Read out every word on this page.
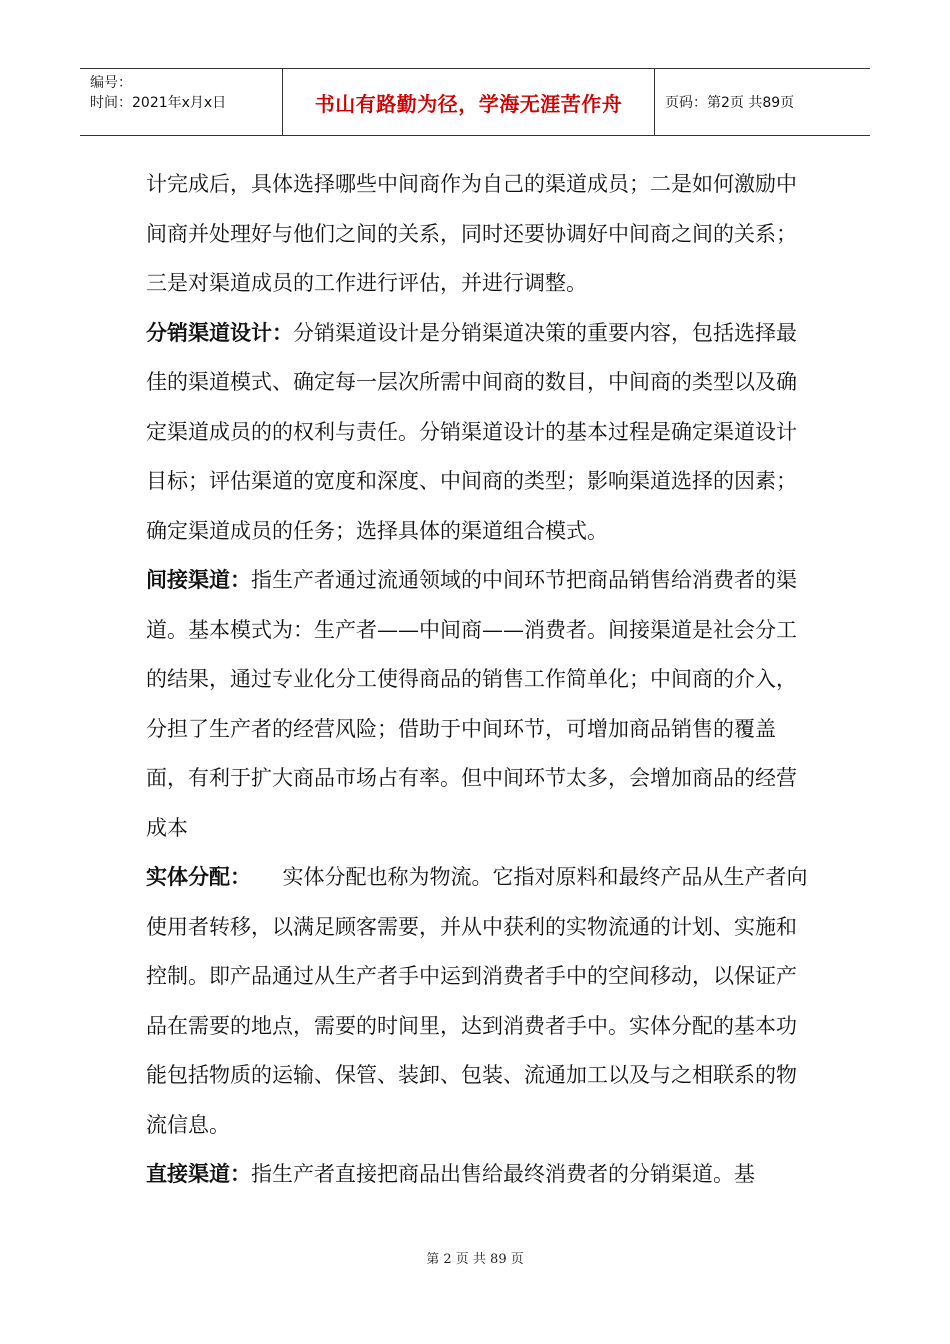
编号：
时间：2021年x月x日	书山有路勤为径，学海无涯苦作舟	页码：第2页 共89页

计完成后，具体选择哪些中间商作为自己的渠道成员；二是如何激励中间商并处理好与他们之间的关系，同时还要协调好中间商之间的关系；三是对渠道成员的工作进行评估，并进行调整。

分销渠道设计：分销渠道设计是分销渠道决策的重要内容，包括选择最佳的渠道模式、确定每一层次所需中间商的数目，中间商的类型以及确定渠道成员的的权利与责任。分销渠道设计的基本过程是确定渠道设计目标；评估渠道的宽度和深度、中间商的类型；影响渠道选择的因素；确定渠道成员的任务；选择具体的渠道组合模式。

间接渠道：指生产者通过流通领域的中间环节把商品销售给消费者的渠道。基本模式为：生产者——中间商——消费者。间接渠道是社会分工的结果，通过专业化分工使得商品的销售工作简单化；中间商的介入，分担了生产者的经营风险；借助于中间环节，可增加商品销售的覆盖面，有利于扩大商品市场占有率。但中间环节太多，会增加商品的经营成本

实体分配：　　实体分配也称为物流。它指对原料和最终产品从生产者向使用者转移，以满足顾客需要，并从中获利的实物流通的计划、实施和控制。即产品通过从生产者手中运到消费者手中的空间移动，以保证产品在需要的地点，需要的时间里，达到消费者手中。实体分配的基本功能包括物质的运输、保管、装卸、包装、流通加工以及与之相联系的物流信息。

直接渠道：指生产者直接把商品出售给最终消费者的分销渠道。基

第 2 页 共 89 页
